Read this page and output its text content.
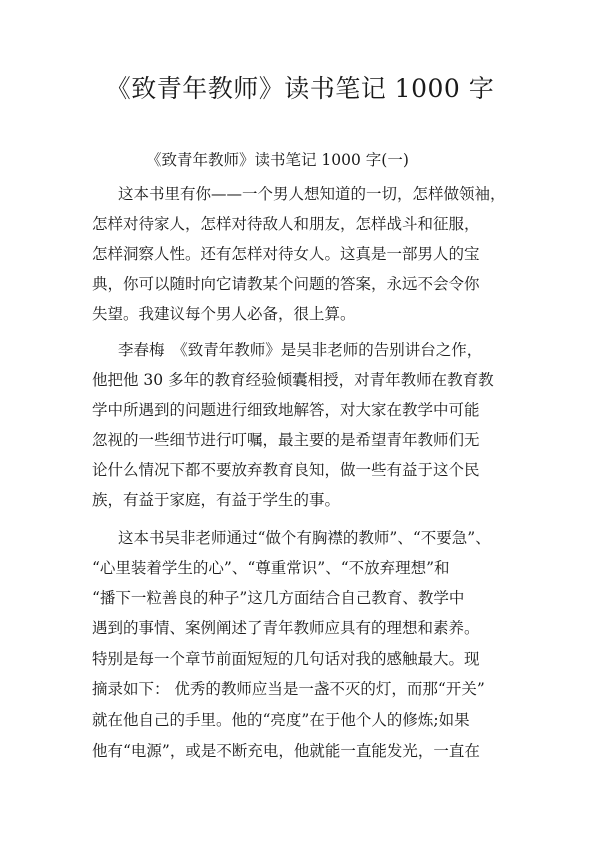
《致青年教师》读书笔记 1000 字
《致青年教师》读书笔记 1000 字(一)

这本书里有你——一个男人想知道的一切，怎样做领袖，

怎样对待家人，怎样对待敌人和朋友，怎样战斗和征服，

怎样洞察人性。还有怎样对待女人。这真是一部男人的宝

典，你可以随时向它请教某个问题的答案，永远不会令你

失望。我建议每个男人必备，很上算。

李春梅　《致青年教师》是吴非老师的告别讲台之作，

他把他 30 多年的教育经验倾囊相授，对青年教师在教育教

学中所遇到的问题进行细致地解答，对大家在教学中可能

忽视的一些细节进行叮嘱，最主要的是希望青年教师们无

论什么情况下都不要放弃教育良知，做一些有益于这个民

族，有益于家庭，有益于学生的事。

这本书吴非老师通过“做个有胸襟的教师”、“不要急”、

“心里装着学生的心”、“尊重常识”、“不放弃理想”和

“播下一粒善良的种子”这几方面结合自己教育、教学中

遇到的事情、案例阐述了青年教师应具有的理想和素养。

特别是每一个章节前面短短的几句话对我的感触最大。现

摘录如下： 优秀的教师应当是一盏不灭的灯，而那“开关”

就在他自己的手里。他的“亮度”在于他个人的修炼;如果

他有“电源”，或是不断充电，他就能一直能发光，一直在
